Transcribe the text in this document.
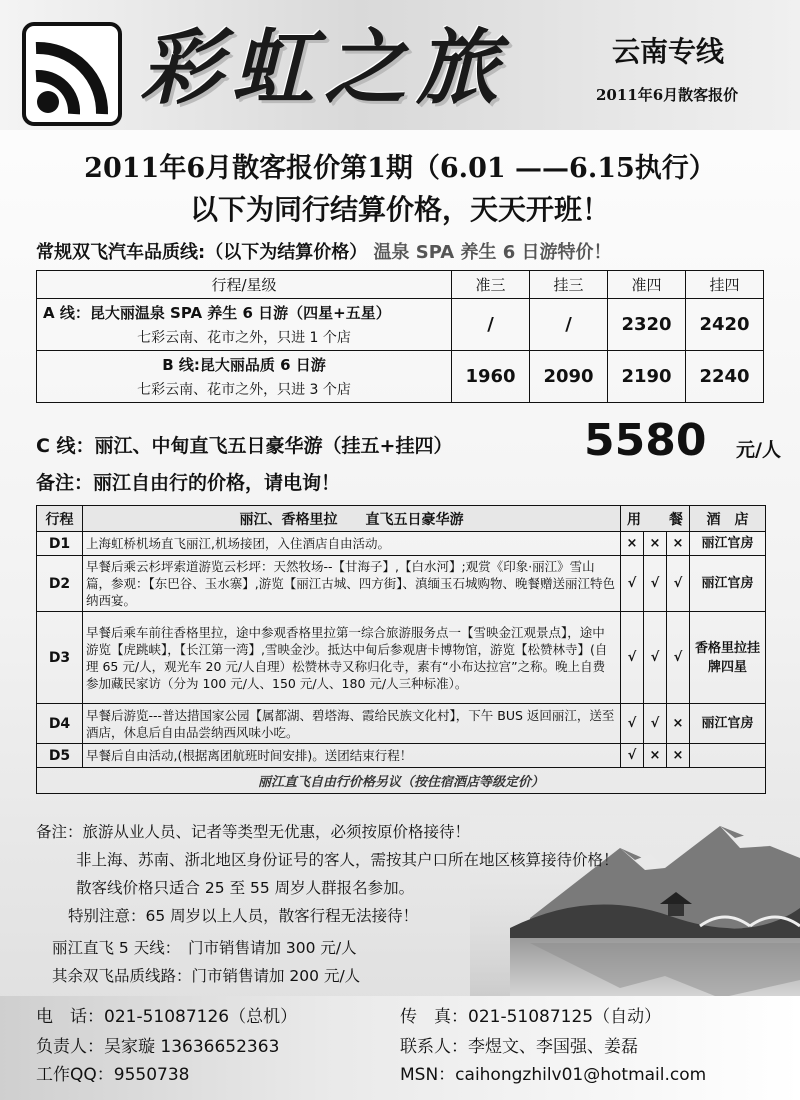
彩虹之旅	云南专线
2011年6月散客报价
2011年6月散客报价第1期（6.01 ——6.15执行）
以下为同行结算价格，天天开班！
常规双飞汽车品质线:（以下为结算价格） 温泉 SPA 养生 6 日游特价！
行程/星级	准三	挂三	准四	挂四

A 线：昆大丽温泉 SPA 养生 6 日游（四星+五星）
七彩云南、花市之外，只进 1 个店	/	/	2320	2420

B 线:昆大丽品质 6 日游
七彩云南、花市之外，只进 3 个店	1960	2090	2190	2240
C 线：丽江、中甸直飞五日豪华游（挂五+挂四）	5580 元/人
备注：丽江自由行的价格，请电询！
行程	丽江、香格里拉　　直飞五日豪华游	用　　餐			酒　店
D1	上海虹桥机场直飞丽江,机场接团，入住酒店自由活动。	×	×	×	丽江官房
D2	早餐后乘云杉坪索道游览云杉坪：天然牧场--【甘海子】,【白水河】;观赏《印象·丽江》雪山篇，参观：【东巴谷、玉水寨】,游览【丽江古城、四方街】、滇缅玉石城购物、晚餐赠送丽江特色纳西宴。	√	√	√	丽江官房
D3	早餐后乘车前往香格里拉，途中参观香格里拉第一综合旅游服务点一【雪映金江观景点】，途中游览【虎跳峡】，【长江第一湾】,雪映金沙。抵达中甸后参观唐卡博物馆，游览【松赞林寺】(自理 65 元/人，观光车 20 元/人自理）松赞林寺又称归化寺，素有“小布达拉宫”之称。晚上自费参加藏民家访（分为 100 元/人、150 元/人、180 元/人三种标准）。	√	√	√	香格里拉挂牌四星
D4	早餐后游览---普达措国家公园【属都湖、碧塔海、霞给民族文化村】，下午 BUS 返回丽江，送至酒店，休息后自由品尝纳西风味小吃。	√	√	×	丽江官房
D5	早餐后自由活动,(根据离团航班时间安排)。送团结束行程！	√	×	×	
丽江直飞自由行价格另议（按住宿酒店等级定价）					
备注：旅游从业人员、记者等类型无优惠，必须按原价格接待！
非上海、苏南、浙北地区身份证号的客人，需按其户口所在地区核算接待价格！
散客线价格只适合 25 至 55 周岁人群报名参加。
特别注意：65 周岁以上人员，散客行程无法接待！
丽江直飞 5 天线：　门市销售请加 300 元/人
其余双飞品质线路：门市销售请加 200 元/人
电　话：021-51087126（总机）	传　真：021-51087125（自动）
负责人：吴家璇 13636652363	联系人：李煜文、李国强、姜磊
工作QQ：9550738	MSN：caihongzhilv01@hotmail.com
